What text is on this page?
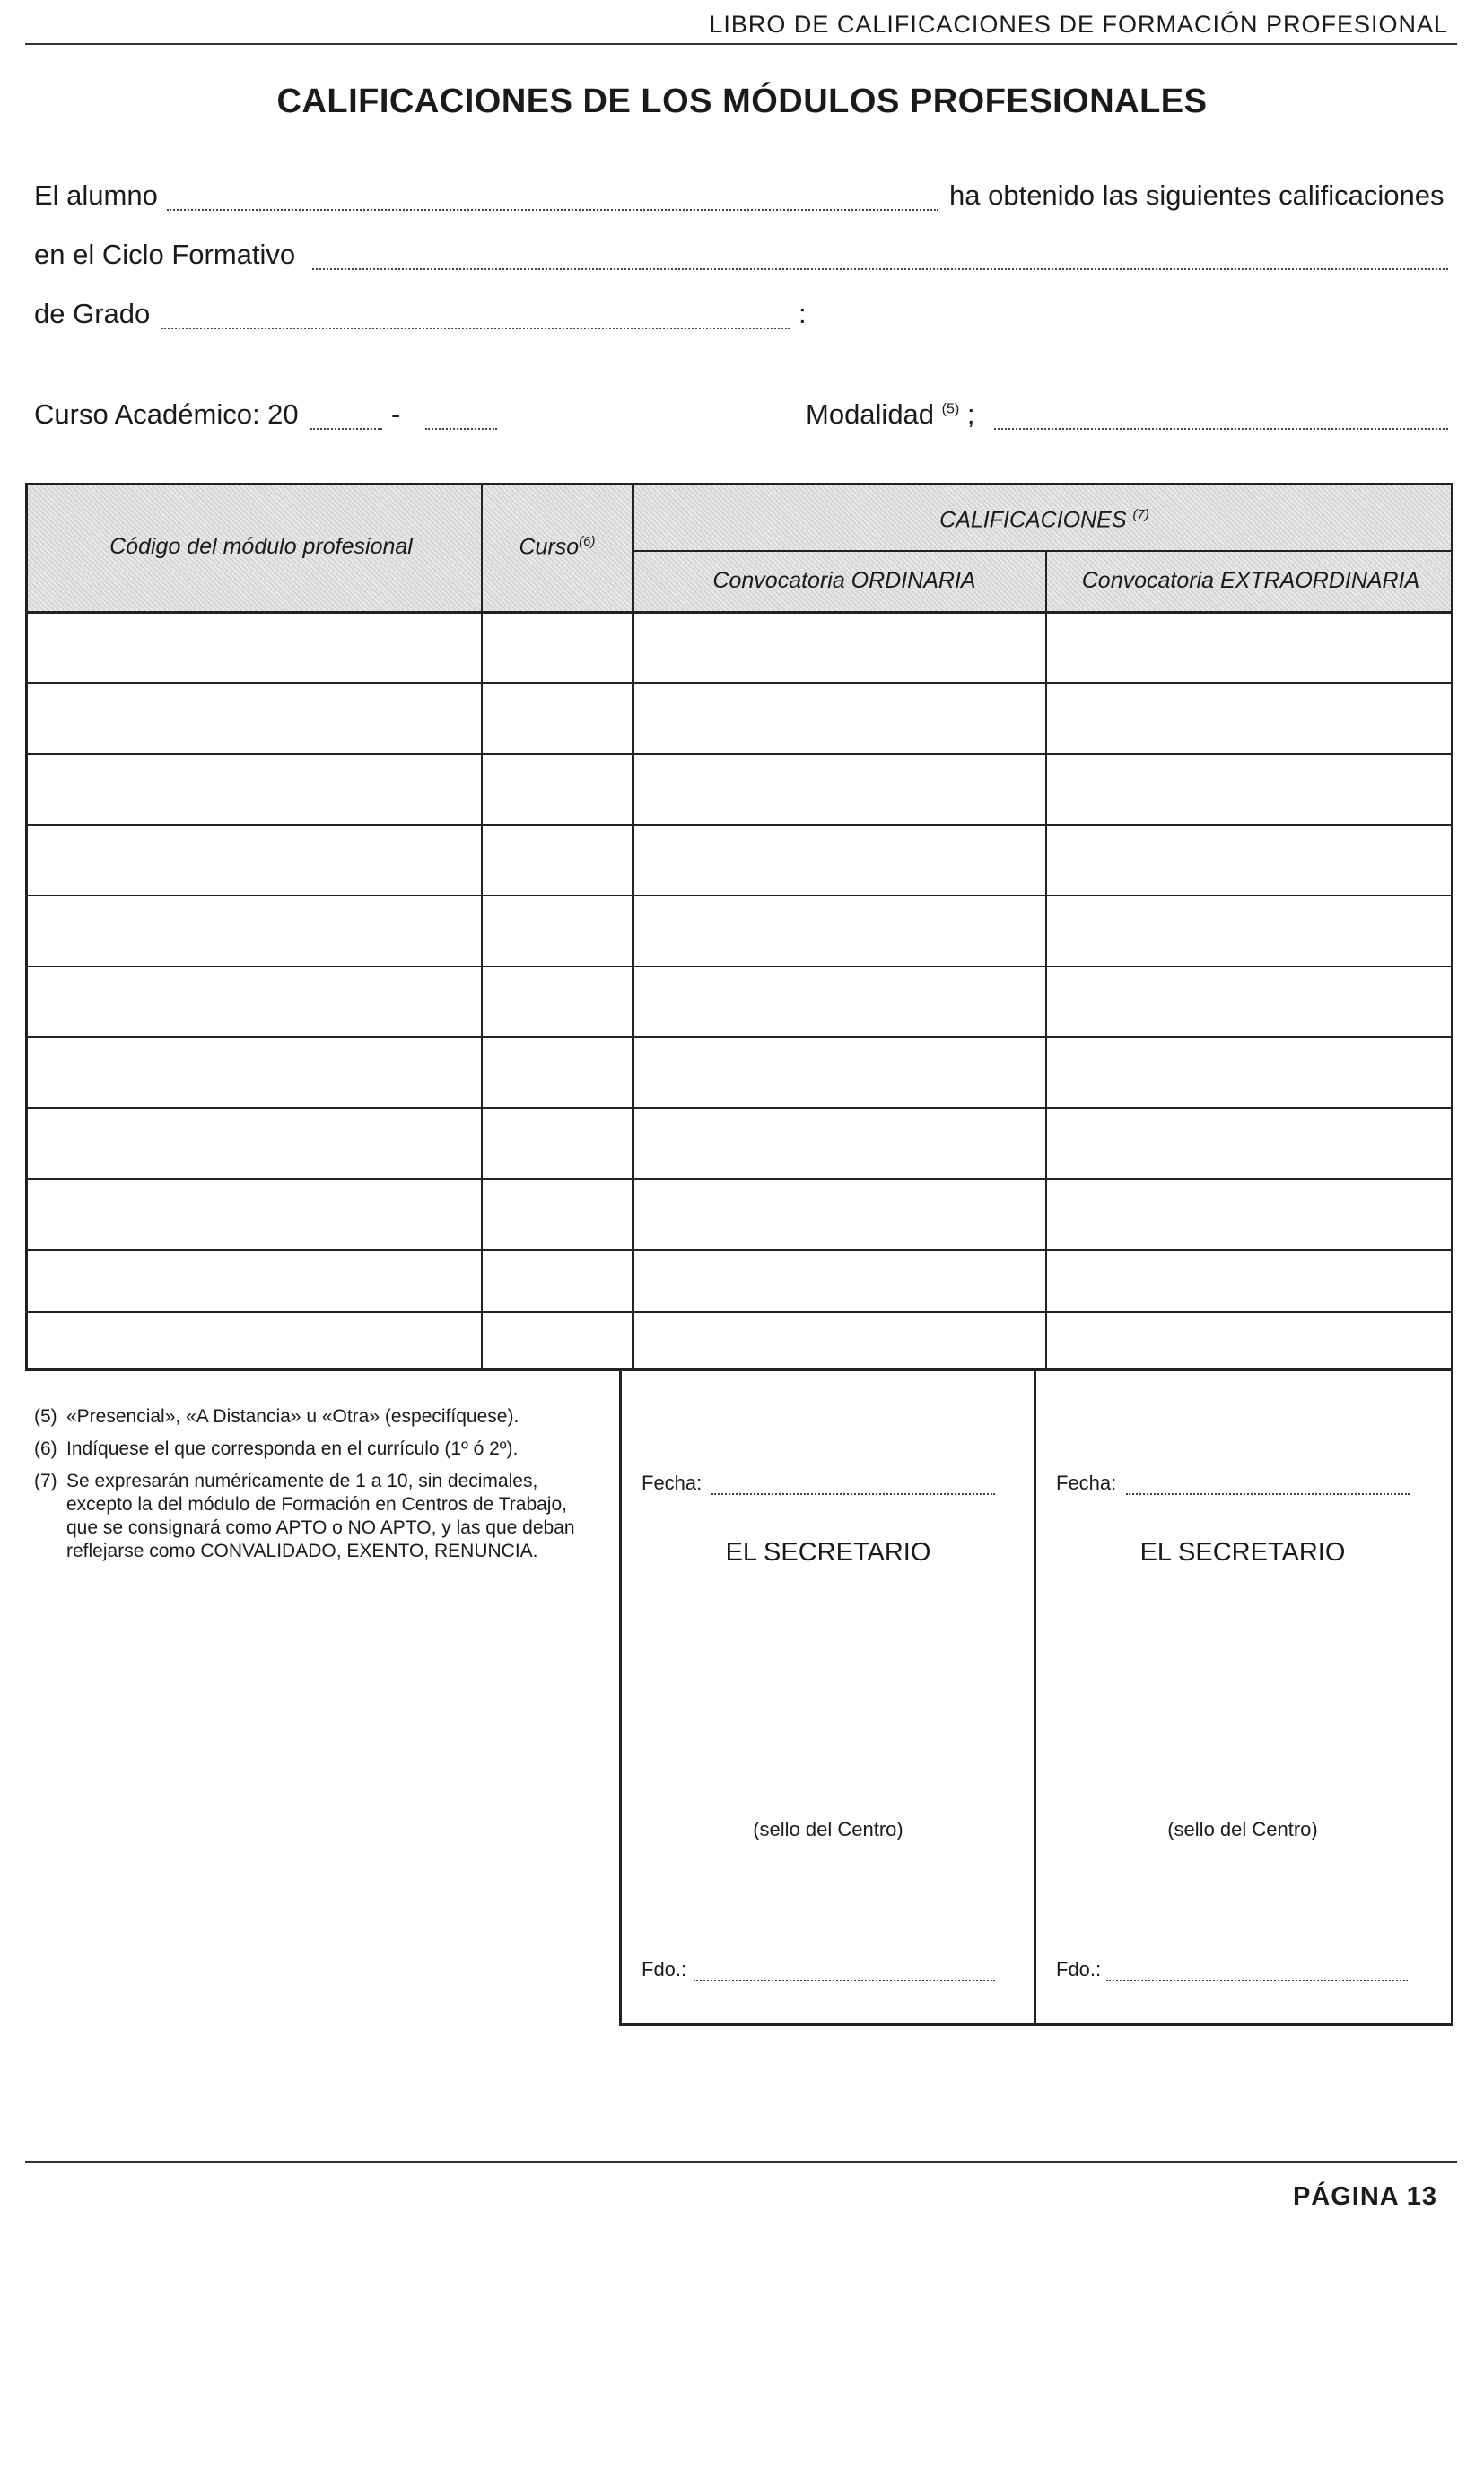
LIBRO DE CALIFICACIONES DE FORMACIÓN PROFESIONAL
CALIFICACIONES DE LOS MÓDULOS PROFESIONALES
El alumno	ha obtenido las siguientes calificaciones
en el Ciclo Formativo
de Grado	:
Curso Académico: 20	-	Modalidad $^{(5)}$ ;
Código del módulo profesional	Curso$^{(6)}$
CALIFICACIONES $^{(7)}$
Convocatoria ORDINARIA	Convocatoria EXTRAORDINARIA
(5) «Presencial», «A Distancia» u «Otra» (especifíquese).
(6) Indíquese el que corresponda en el currículo (1º ó 2º).
(7) Se expresarán numéricamente de 1 a 10, sin decimales, excepto la del módulo de Formación en Centros de Trabajo, que se consignará como APTO o NO APTO, y las que deban reflejarse como CONVALIDADO, EXENTO, RENUNCIA.
Fecha:
EL SECRETARIO
(sello del Centro)
Fdo.:
Fecha:
EL SECRETARIO
(sello del Centro)
Fdo.:
PÁGINA 13
